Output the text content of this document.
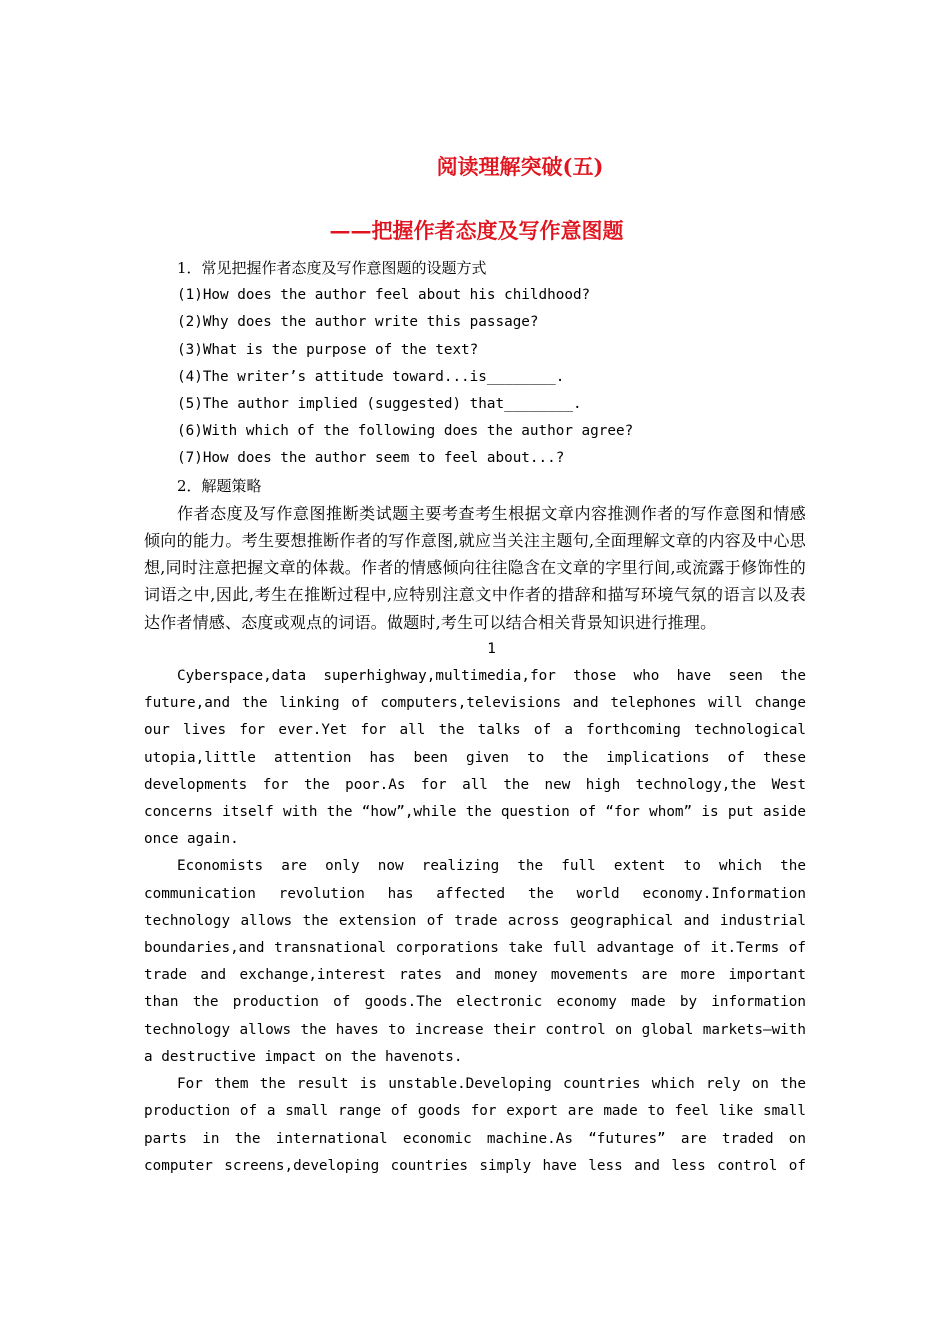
阅读理解突破(五)
——把握作者态度及写作意图题

1．常见把握作者态度及写作意图题的设题方式

(1)How does the author feel about his childhood?

(2)Why does the author write this passage?

(3)What is the purpose of the text?

(4)The writer’s attitude toward...is________.

(5)The author implied (suggested) that________.

(6)With which of the following does the author agree?

(7)How does the author seem to feel about...?

2．解题策略

作者态度及写作意图推断类试题主要考查考生根据文章内容推测作者的写作意图和情感倾向的能力。考生要想推断作者的写作意图,就应当关注主题句,全面理解文章的内容及中心思想,同时注意把握文章的体裁。作者的情感倾向往往隐含在文章的字里行间,或流露于修饰性的词语之中,因此,考生在推断过程中,应特别注意文中作者的措辞和描写环境气氛的语言以及表达作者情感、态度或观点的词语。做题时,考生可以结合相关背景知识进行推理。

1

Cyberspace,data superhighway,multimedia,for those who have seen the future,and the linking of computers,televisions and telephones will change our lives for ever.Yet for all the talks of a forthcoming technological utopia,little attention has been given to the implications of these developments for the poor.As for all the new high technology,the West concerns itself with the “how”,while the question of “for whom” is put aside once again.

Economists are only now realizing the full extent to which the communication revolution has affected the world economy.Information technology allows the extension of trade across geographical and industrial boundaries,and transnational corporations take full advantage of it.Terms of trade and exchange,interest rates and money movements are more important than the production of goods.The electronic economy made by information technology allows the haves to increase their control on global markets—with a destructive impact on the havenots.

For them the result is unstable.Developing countries which rely on the production of a small range of goods for export are made to feel like small parts in the international economic machine.As “futures” are traded on computer screens,developing countries simply have less and less control of
